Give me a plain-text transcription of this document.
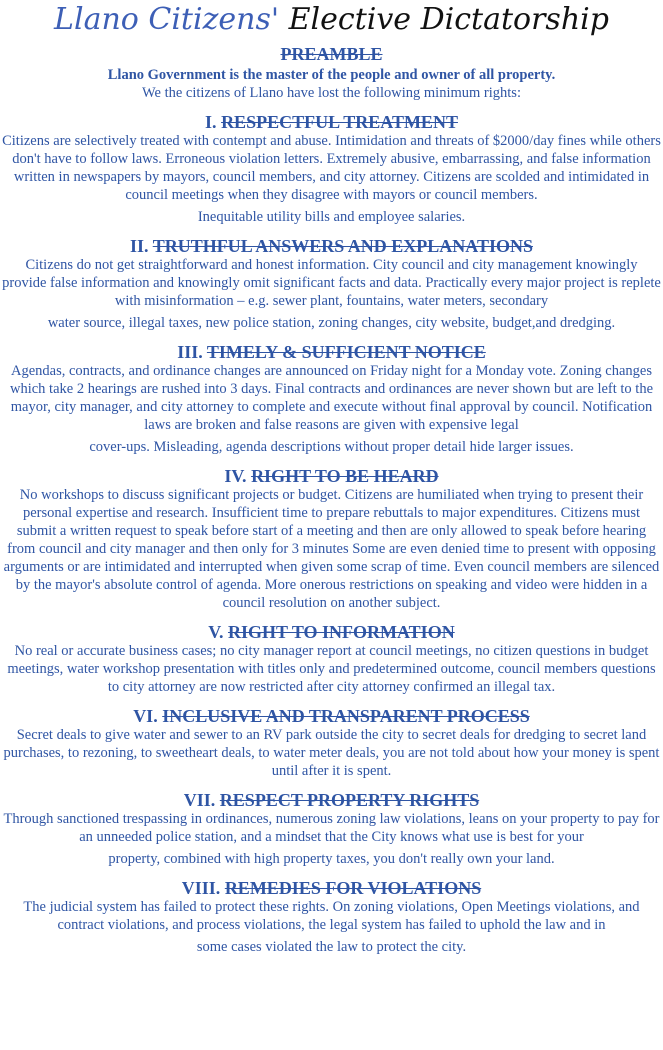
Llano Citizens' Elective Dictatorship
PREAMBLE
Llano Government is the master of the people and owner of all property.
We the citizens of Llano have lost the following minimum rights:
I. RESPECTFUL TREATMENT
Citizens are selectively treated with contempt and abuse. Intimidation and threats of $2000/day fines while others don't have to follow laws. Erroneous violation letters. Extremely abusive, embarrassing, and false information written in newspapers by mayors, council members, and city attorney. Citizens are scolded and intimidated in council meetings when they disagree with mayors or council members.
Inequitable utility bills and employee salaries.
II. TRUTHFUL ANSWERS AND EXPLANATIONS
Citizens do not get straightforward and honest information. City council and city management knowingly provide false information and knowingly omit significant facts and data. Practically every major project is replete with misinformation – e.g. sewer plant, fountains, water meters, secondary
water source, illegal taxes, new police station, zoning changes, city website, budget,and dredging.
III. TIMELY & SUFFICIENT NOTICE
Agendas, contracts, and ordinance changes are announced on Friday night for a Monday vote. Zoning changes which take 2 hearings are rushed into 3 days. Final contracts and ordinances are never shown but are left to the mayor, city manager, and city attorney to complete and execute without final approval by council. Notification laws are broken and false reasons are given with expensive legal
cover-ups. Misleading, agenda descriptions without proper detail hide larger issues.
IV. RIGHT TO BE HEARD
No workshops to discuss significant projects or budget. Citizens are humiliated when trying to present their personal expertise and research. Insufficient time to prepare rebuttals to major expenditures. Citizens must submit a written request to speak before start of a meeting and then are only allowed to speak before hearing from council and city manager and then only for 3 minutes Some are even denied time to present with opposing arguments or are intimidated and interrupted when given some scrap of time. Even council members are silenced by the mayor's absolute control of agenda. More onerous restrictions on speaking and video were hidden in a council resolution on another subject.
V. RIGHT TO INFORMATION
No real or accurate business cases; no city manager report at council meetings, no citizen questions in budget meetings, water workshop presentation with titles only and predetermined outcome, council members questions to city attorney are now restricted after city attorney confirmed an illegal tax.
VI. INCLUSIVE AND TRANSPARENT PROCESS
Secret deals to give water and sewer to an RV park outside the city to secret deals for dredging to secret land purchases, to rezoning, to sweetheart deals, to water meter deals, you are not told about how your money is spent until after it is spent.
VII. RESPECT PROPERTY RIGHTS
Through sanctioned trespassing in ordinances, numerous zoning law violations, leans on your property to pay for an unneeded police station, and a mindset that the City knows what use is best for your
property, combined with high property taxes, you don't really own your land.
VIII. REMEDIES FOR VIOLATIONS
The judicial system has failed to protect these rights. On zoning violations, Open Meetings violations, and contract violations, and process violations, the legal system has failed to uphold the law and in
some cases violated the law to protect the city.
